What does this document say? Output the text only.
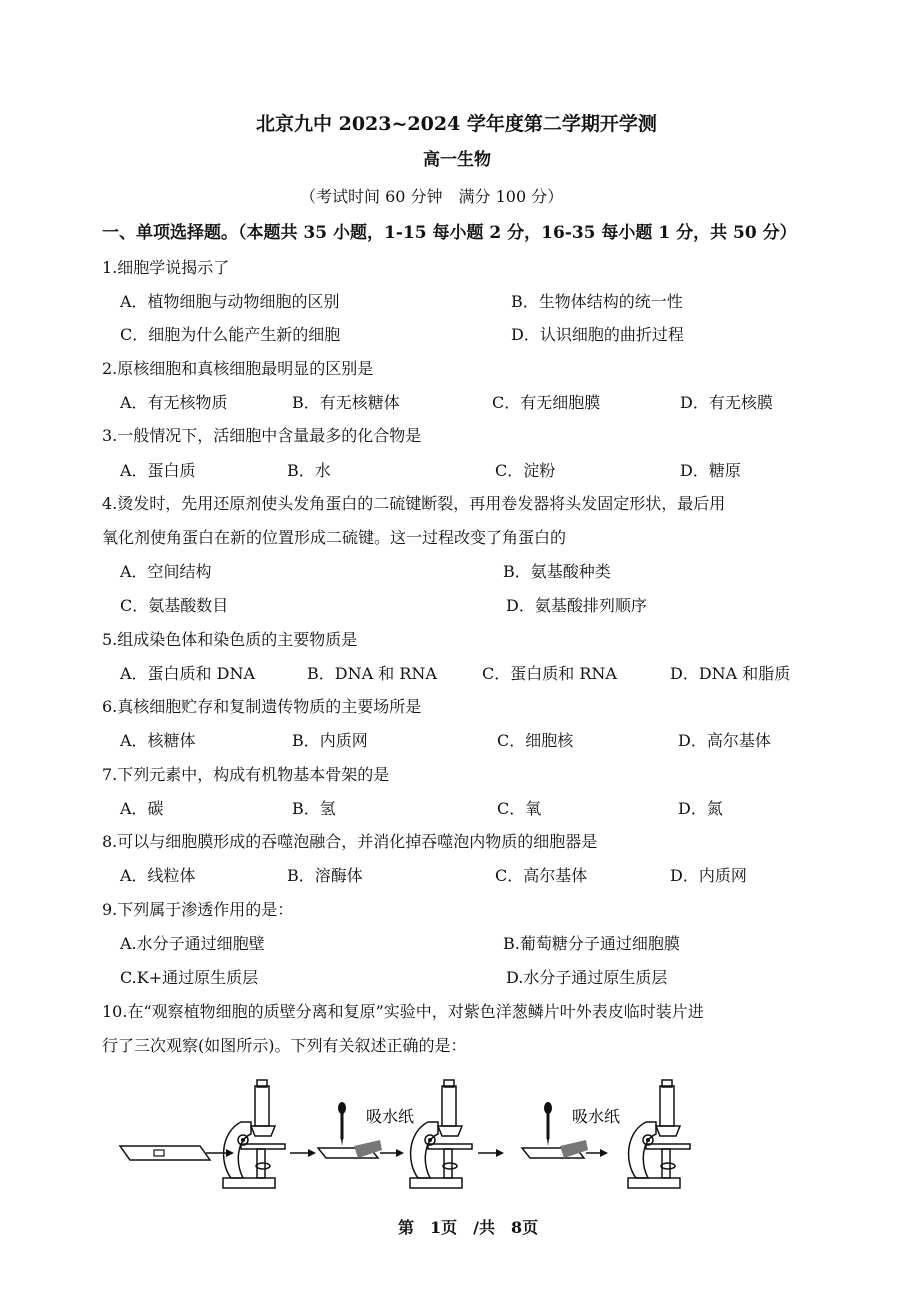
北京九中 2023~2024 学年度第二学期开学测
高一生物
（考试时间 60 分钟　满分 100 分）
一、单项选择题。（本题共 35 小题，1-15 每小题 2 分，16-35 每小题 1 分，共 50 分）
1.细胞学说揭示了
A．植物细胞与动物细胞的区别	B．生物体结构的统一性
C．细胞为什么能产生新的细胞	D．认识细胞的曲折过程
2.原核细胞和真核细胞最明显的区别是
A．有无核物质	B．有无核糖体	C．有无细胞膜	D．有无核膜
3.一般情况下，活细胞中含量最多的化合物是
A．蛋白质	B．水	C．淀粉	D．糖原
4.烫发时，先用还原剂使头发角蛋白的二硫键断裂，再用卷发器将头发固定形状，最后用
氧化剂使角蛋白在新的位置形成二硫键。这一过程改变了角蛋白的
A．空间结构	B．氨基酸种类
C．氨基酸数目	D．氨基酸排列顺序
5.组成染色体和染色质的主要物质是
A．蛋白质和 DNA	B．DNA 和 RNA	C．蛋白质和 RNA	D．DNA 和脂质
6.真核细胞贮存和复制遗传物质的主要场所是
A．核糖体	B．内质网	C．细胞核	D．高尔基体
7.下列元素中，构成有机物基本骨架的是
A．碳	B．氢	C．氧	D．氮
8.可以与细胞膜形成的吞噬泡融合，并消化掉吞噬泡内物质的细胞器是
A．线粒体	B．溶酶体	C．高尔基体	D．内质网
9.下列属于渗透作用的是：
A.水分子通过细胞壁	B.葡萄糖分子通过细胞膜
C.K+通过原生质层	D.水分子通过原生质层
10.在“观察植物细胞的质壁分离和复原”实验中，对紫色洋葱鳞片叶外表皮临时装片进
行了三次观察(如图所示)。下列有关叙述正确的是：
吸水纸	吸水纸
第　1页　/共　8页
